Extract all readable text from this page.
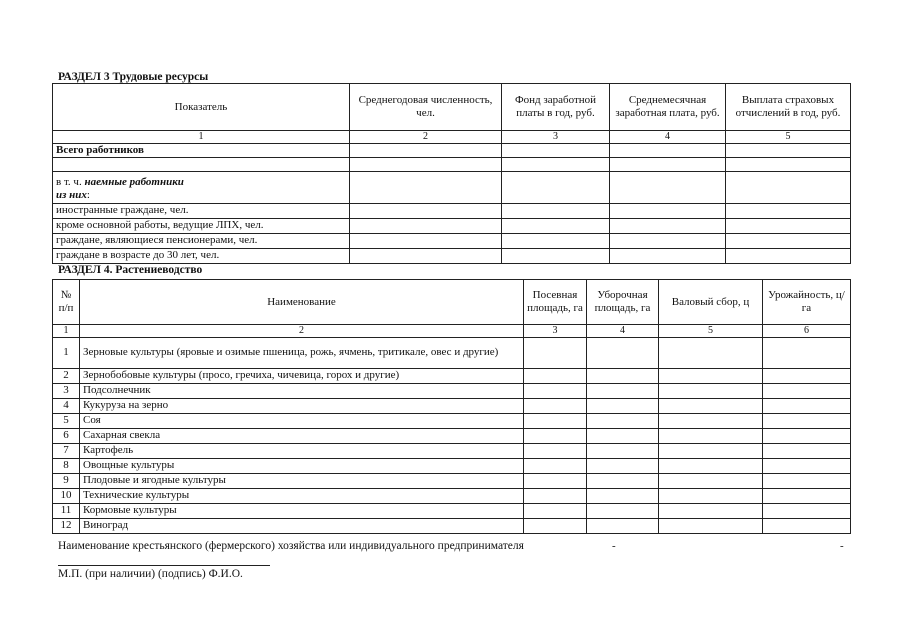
РАЗДЕЛ 3 Трудовые ресурсы
Показатель	Среднегодовая численность, чел.	Фонд заработной платы в год, руб.	Среднемесячная заработная плата, руб.	Выплата страховых отчислений в год, руб.
1	2	3	4	5
Всего работников				

в т. ч. наемные работники
из них:				
иностранные граждане, чел.				
кроме основной работы, ведущие ЛПХ, чел.				
граждане, являющиеся пенсионерами, чел.				
граждане в возрасте до 30 лет, чел.				
РАЗДЕЛ 4. Растениеводство
№ п/п	Наименование	Посевная площадь, га	Уборочная площадь, га	Валовый сбор, ц	Урожайность, ц/га
1	2	3	4	5	6
1	Зерновые культуры (яровые и озимые пшеница, рожь, ячмень, тритикале, овес и другие)				
2	Зернобобовые культуры (просо, гречиха, чичевица, горох и другие)				
3	Подсолнечник				
4	Кукуруза на зерно				
5	Соя				
6	Сахарная свекла				
7	Картофель				
8	Овощные культуры				
9	Плодовые и ягодные культуры				
10	Технические культуры				
11	Кормовые культуры				
12	Виноград				
Наименование крестьянского (фермерского) хозяйства или индивидуального предпринимателя	-	-
М.П. (при наличии) (подпись) Ф.И.О.
